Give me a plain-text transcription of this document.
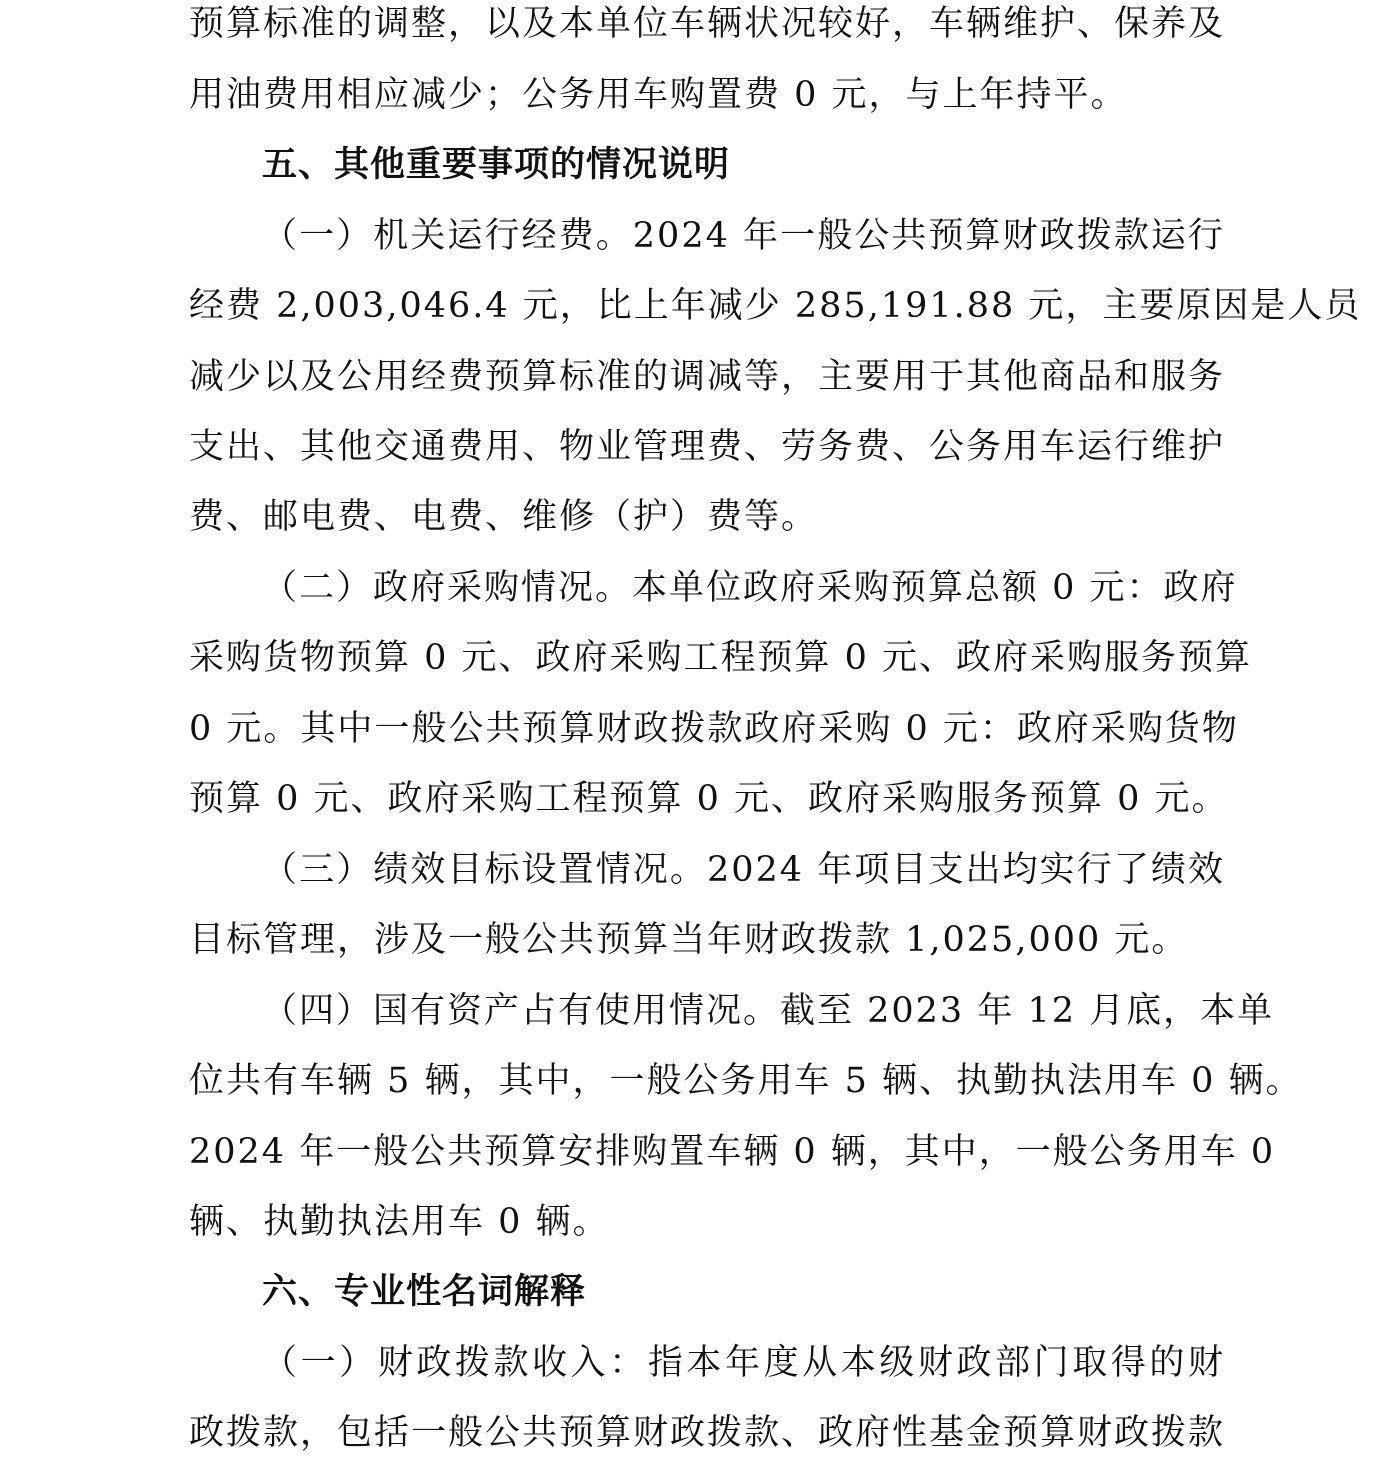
预算标准的调整，以及本单位车辆状况较好，车辆维护、保养及
用油费用相应减少；公务用车购置费 0 元，与上年持平。
五、其他重要事项的情况说明
（一）机关运行经费。2024 年一般公共预算财政拨款运行
经费 2,003,046.4 元，比上年减少 285,191.88 元，主要原因是人员
减少以及公用经费预算标准的调减等，主要用于其他商品和服务
支出、其他交通费用、物业管理费、劳务费、公务用车运行维护
费、邮电费、电费、维修（护）费等。
（二）政府采购情况。本单位政府采购预算总额 0 元：政府
采购货物预算 0 元、政府采购工程预算 0 元、政府采购服务预算
0 元。其中一般公共预算财政拨款政府采购 0 元：政府采购货物
预算 0 元、政府采购工程预算 0 元、政府采购服务预算 0 元。
（三）绩效目标设置情况。2024 年项目支出均实行了绩效
目标管理，涉及一般公共预算当年财政拨款 1,025,000 元。
（四）国有资产占有使用情况。截至 2023 年 12 月底，本单
位共有车辆 5 辆，其中，一般公务用车 5 辆、执勤执法用车 0 辆。
2024 年一般公共预算安排购置车辆 0 辆，其中，一般公务用车 0
辆、执勤执法用车 0 辆。
六、专业性名词解释
（一）财政拨款收入：指本年度从本级财政部门取得的财
政拨款，包括一般公共预算财政拨款、政府性基金预算财政拨款
